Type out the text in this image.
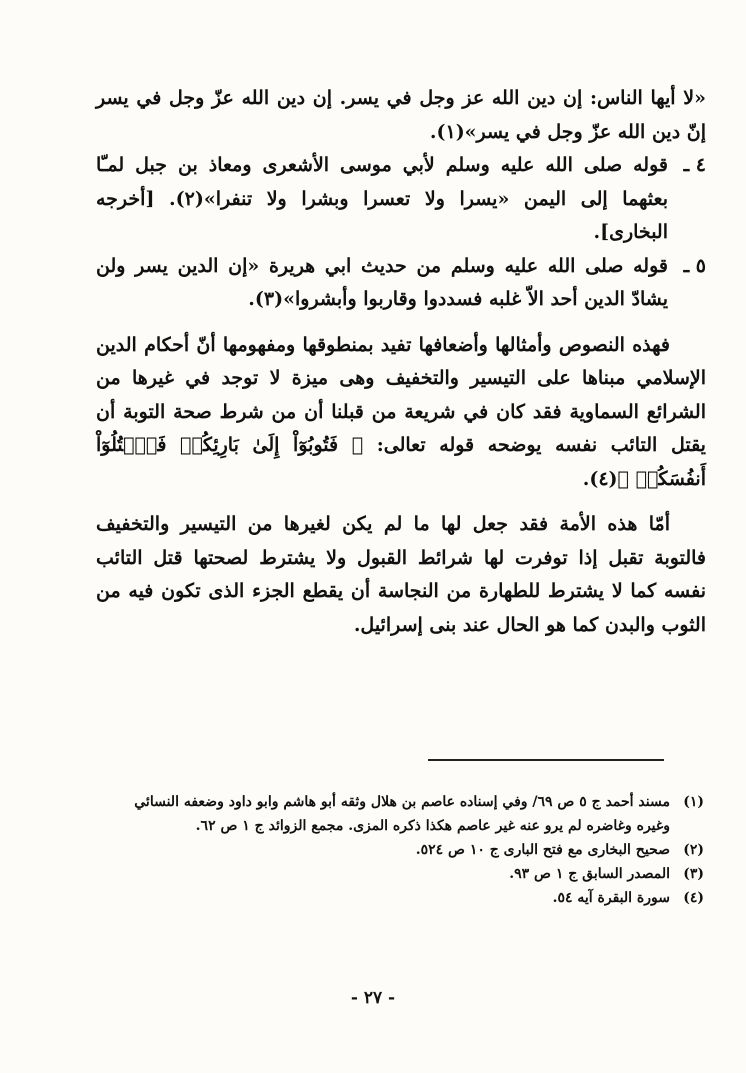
«لا أيها الناس: إن دين الله عز وجل في يسر. إن دين الله عزّ وجل في يسر إنّ دين الله عزّ وجل في يسر»(١).

٤ ـ
قوله صلى الله عليه وسلم لأبي موسى الأشعرى ومعاذ بن جبل لمـّا بعثهما إلى اليمن «يسرا ولا تعسرا وبشرا ولا تنفرا»(٢). [أخرجه البخارى].
٥ ـ
قوله صلى الله عليه وسلم من حديث ابي هريرة «إن الدين يسر ولن يشادّ الدين أحد الاّ غلبه فسددوا وقاربوا وأبشروا»(٣).

فهذه النصوص وأمثالها وأضعافها تفيد بمنطوقها ومفهومها أنّ أحكام الدين الإسلامي مبناها على التيسير والتخفيف وهى ميزة لا توجد في غيرها من الشرائع السماوية فقد كان في شريعة من قبلنا أن من شرط صحة التوبة أن يقتل التائب نفسه يوضحه قوله تعالى: ﴿ فَتُوبُوٓاْ إِلَىٰ بَارِئِكُمۡ فَٱقۡتُلُوٓاْ أَنفُسَكُمۡ ﴾(٤).

أمّا هذه الأمة فقد جعل لها ما لم يكن لغيرها من التيسير والتخفيف فالتوبة تقبل إذا توفرت لها شرائط القبول ولا يشترط لصحتها قتل التائب نفسه كما لا يشترط للطهارة من النجاسة أن يقطع الجزء الذى تكون فيه من الثوب والبدن كما هو الحال عند بنى إسرائيل.

(١)
مسند أحمد ج ٥ ص ٦٩/ وفي إسناده عاصم بن هلال وثقه أبو هاشم وابو داود وضعفه النسائي وغيره وغاضره لم يرو عنه غير عاصم هكذا ذكره المزى. مجمع الزوائد ج ١ ص ٦٢.
(٢)
صحيح البخارى مع فتح البارى ج ١٠ ص ٥٢٤.
(٣)
المصدر السابق ج ١ ص ٩٣.
(٤)
سورة البقرة آيه ٥٤.
- ٢٧ -
